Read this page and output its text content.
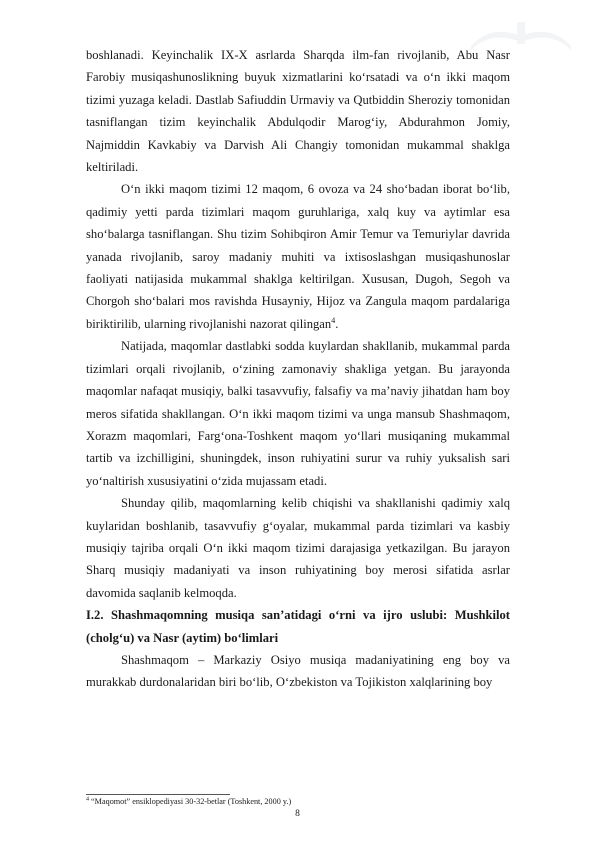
boshlanadi. Keyinchalik IX-X asrlarda Sharqda ilm-fan rivojlanib, Abu Nasr Farobiy musiqashunoslikning buyuk xizmatlarini ko‘rsatadi va o‘n ikki maqom tizimi yuzaga keladi. Dastlab Safiuddin Urmaviy va Qutbiddin Sheroziy tomonidan tasniflangan tizim keyinchalik Abdulqodir Marog‘iy, Abdurahmon Jomiy, Najmiddin Kavkabiy va Darvish Ali Changiy tomonidan mukammal shaklga keltiriladi.

O‘n ikki maqom tizimi 12 maqom, 6 ovoza va 24 sho‘badan iborat bo‘lib, qadimiy yetti parda tizimlari maqom guruhlariga, xalq kuy va aytimlar esa sho‘balarga tasniflangan. Shu tizim Sohibqiron Amir Temur va Temuriylar davrida yanada rivojlanib, saroy madaniy muhiti va ixtisoslashgan musiqashunoslar faoliyati natijasida mukammal shaklga keltirilgan. Xususan, Dugoh, Segoh va Chorgoh sho‘balari mos ravishda Husayniy, Hijoz va Zangula maqom pardalariga biriktirilib, ularning rivojlanishi nazorat qilingan$^4$.

Natijada, maqomlar dastlabki sodda kuylardan shakllanib, mukammal parda tizimlari orqali rivojlanib, o‘zining zamonaviy shakliga yetgan. Bu jarayonda maqomlar nafaqat musiqiy, balki tasavvufiy, falsafiy va ma’naviy jihatdan ham boy meros sifatida shakllangan. O‘n ikki maqom tizimi va unga mansub Shashmaqom, Xorazm maqomlari, Farg‘ona-Toshkent maqom yo‘llari musiqaning mukammal tartib va izchilligini, shuningdek, inson ruhiyatini surur va ruhiy yuksalish sari yo‘naltirish xususiyatini o‘zida mujassam etadi.

Shunday qilib, maqomlarning kelib chiqishi va shakllanishi qadimiy xalq kuylaridan boshlanib, tasavvufiy g‘oyalar, mukammal parda tizimlari va kasbiy musiqiy tajriba orqali O‘n ikki maqom tizimi darajasiga yetkazilgan. Bu jarayon Sharq musiqiy madaniyati va inson ruhiyatining boy merosi sifatida asrlar davomida saqlanib kelmoqda.

I.2. Shashmaqomning musiqa san’atidagi o‘rni va ijro uslubi: Mushkilot (cholg‘u) va Nasr (aytim) bo‘limlari

Shashmaqom – Markaziy Osiyo musiqa madaniyatining eng boy va murakkab durdonalaridan biri bo‘lib, O‘zbekiston va Tojikiston xalqlarining boy

$^4$ “Maqomot” ensiklopediyasi 30-32-betlar (Toshkent, 2000 y.)
8
